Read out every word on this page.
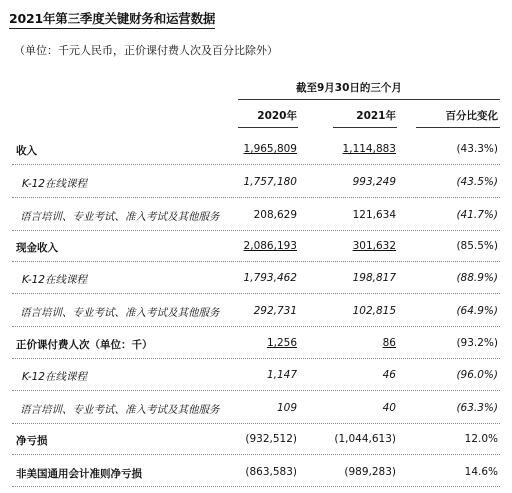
2021年第三季度关键财务和运营数据
（单位：千元人民币，正价课付费人次及百分比除外）
截至9月30日的三个月
2020年	2021年	百分比变化
收入	1,965,809	1,114,883	(43.3%)
K-12在线课程	1,757,180	993,249	(43.5%)
语言培训、专业考试、准入考试及其他服务	208,629	121,634	(41.7%)
现金收入	2,086,193	301,632	(85.5%)
K-12在线课程	1,793,462	198,817	(88.9%)
语言培训、专业考试、准入考试及其他服务	292,731	102,815	(64.9%)
正价课付费人次（单位：千）	1,256	86	(93.2%)
K-12在线课程	1,147	46	(96.0%)
语言培训、专业考试、准入考试及其他服务	109	40	(63.3%)
净亏损	(932,512)	(1,044,613)	12.0%
非美国通用会计准则净亏损	(863,583)	(989,283)	14.6%
